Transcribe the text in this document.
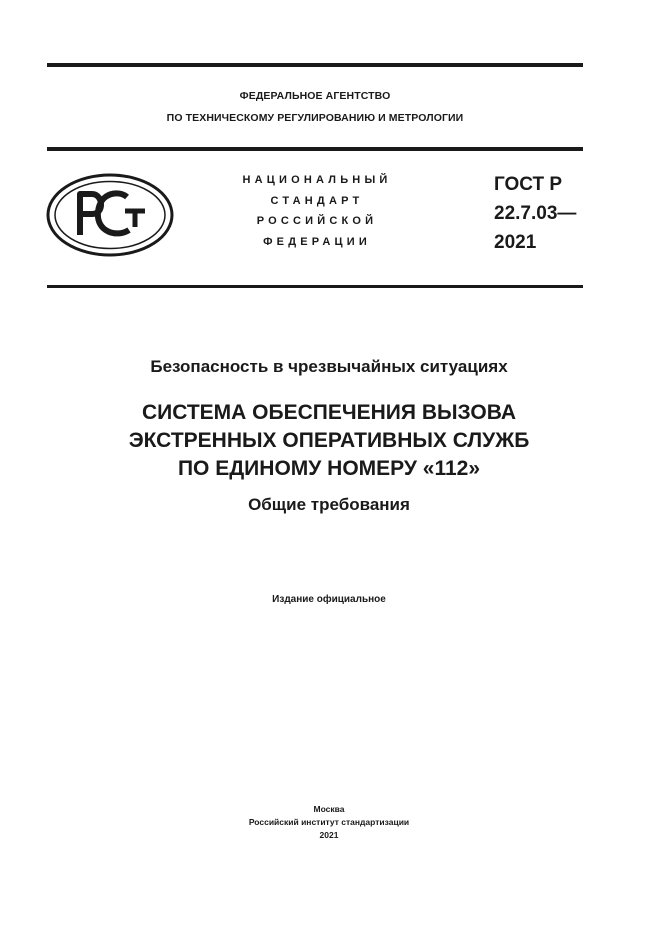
ФЕДЕРАЛЬНОЕ АГЕНТСТВО
ПО ТЕХНИЧЕСКОМУ РЕГУЛИРОВАНИЮ И МЕТРОЛОГИИ
НАЦИОНАЛЬНЫЙ
СТАНДАРТ
РОССИЙСКОЙ
ФЕДЕРАЦИИ
ГОСТ Р
22.7.03—
2021
Безопасность в чрезвычайных ситуациях
СИСТЕМА ОБЕСПЕЧЕНИЯ ВЫЗОВА
ЭКСТРЕННЫХ ОПЕРАТИВНЫХ СЛУЖБ
ПО ЕДИНОМУ НОМЕРУ «112»
Общие требования
Издание официальное
Москва
Российский институт стандартизации
2021
